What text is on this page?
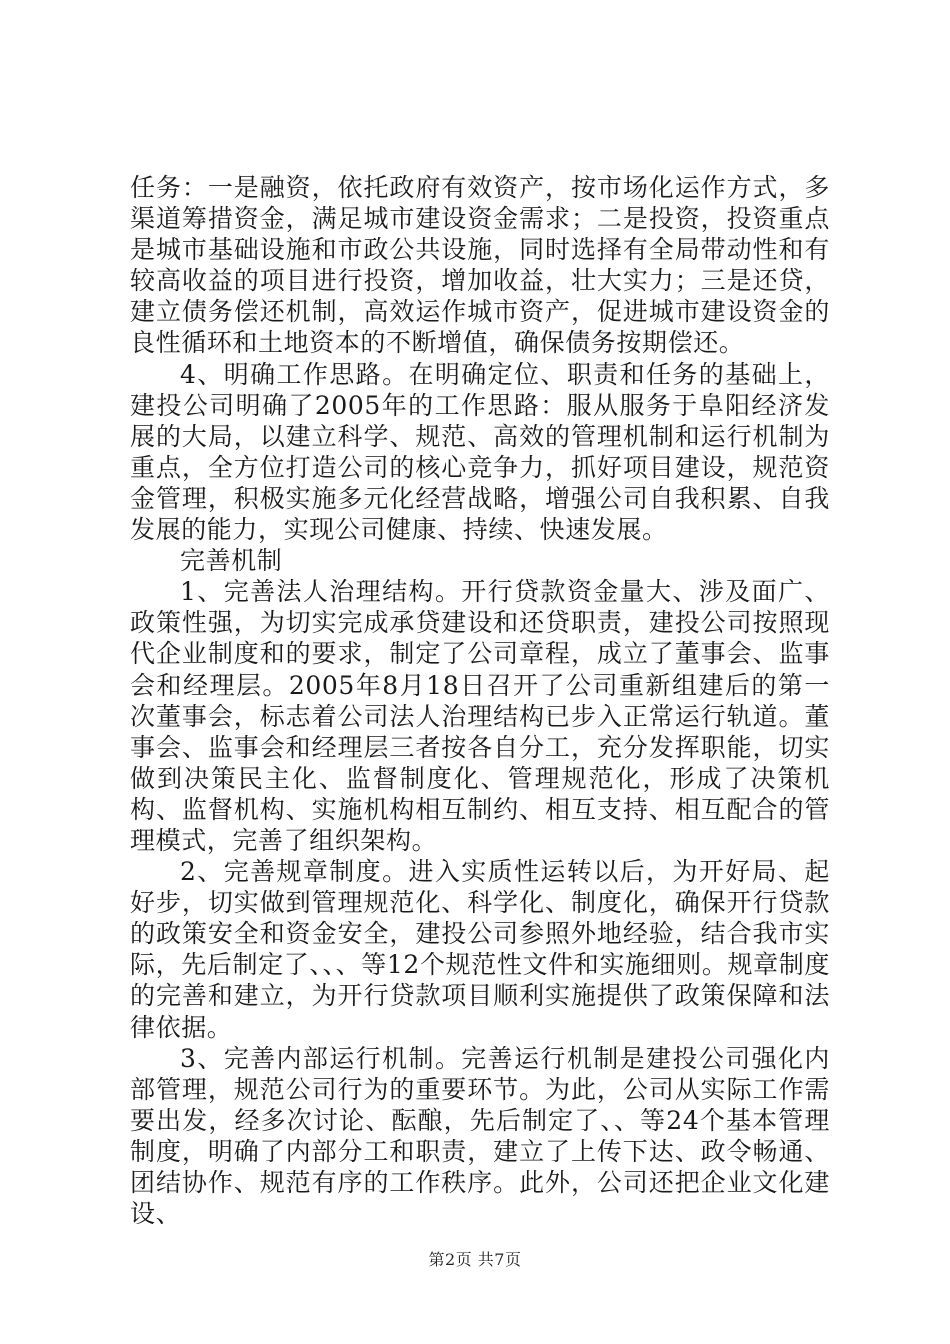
任务：一是融资，依托政府有效资产，按市场化运作方式，多渠道筹措资金，满足城市建设资金需求；二是投资，投资重点是城市基础设施和市政公共设施，同时选择有全局带动性和有较高收益的项目进行投资，增加收益，壮大实力；三是还贷，建立债务偿还机制，高效运作城市资产，促进城市建设资金的良性循环和土地资本的不断增值，确保债务按期偿还。

4、明确工作思路。在明确定位、职责和任务的基础上，建投公司明确了2005年的工作思路：服从服务于阜阳经济发展的大局，以建立科学、规范、高效的管理机制和运行机制为重点，全方位打造公司的核心竞争力，抓好项目建设，规范资金管理，积极实施多元化经营战略，增强公司自我积累、自我发展的能力，实现公司健康、持续、快速发展。

完善机制

1、完善法人治理结构。开行贷款资金量大、涉及面广、政策性强，为切实完成承贷建设和还贷职责，建投公司按照现代企业制度和的要求，制定了公司章程，成立了董事会、监事会和经理层。2005年8月18日召开了公司重新组建后的第一次董事会，标志着公司法人治理结构已步入正常运行轨道。董事会、监事会和经理层三者按各自分工，充分发挥职能，切实做到决策民主化、监督制度化、管理规范化，形成了决策机构、监督机构、实施机构相互制约、相互支持、相互配合的管理模式，完善了组织架构。

2、完善规章制度。进入实质性运转以后，为开好局、起好步，切实做到管理规范化、科学化、制度化，确保开行贷款的政策安全和资金安全，建投公司参照外地经验，结合我市实际，先后制定了、、、等12个规范性文件和实施细则。规章制度的完善和建立，为开行贷款项目顺利实施提供了政策保障和法律依据。

3、完善内部运行机制。完善运行机制是建投公司强化内部管理，规范公司行为的重要环节。为此，公司从实际工作需要出发，经多次讨论、酝酿，先后制定了、、等24个基本管理制度，明确了内部分工和职责，建立了上传下达、政令畅通、团结协作、规范有序的工作秩序。此外，公司还把企业文化建设、

第2页 共7页
